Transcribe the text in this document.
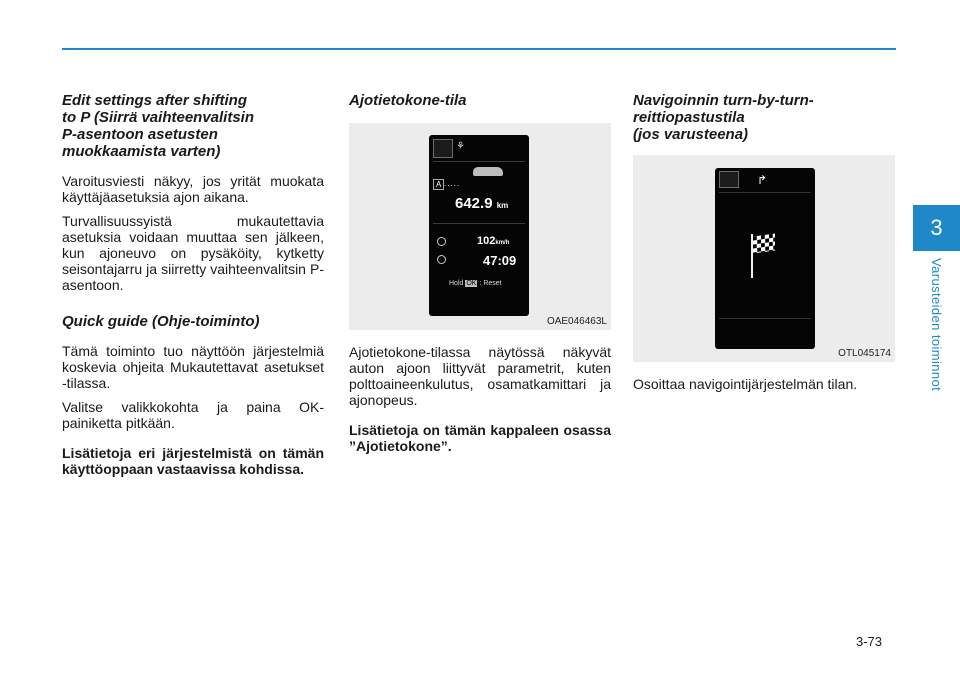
3
Varusteiden toiminnot
Edit settings after shifting
to P (Siirrä vaihteenvalitsin
P-asentoon asetusten
muokkaamista varten)

Varoitusviesti näkyy, jos yrität muokata käyttäjäasetuksia ajon aikana.

Turvallisuussyistä mukautettavia asetuksia voidaan muuttaa sen jälkeen, kun ajoneuvo on pysäköity, kytketty seisontajarru ja siirretty vaihteenvalitsin P-asentoon.

Quick guide (Ohje-toiminto)

Tämä toiminto tuo näyttöön järjestelmiä koskevia ohjeita Mukautettavat asetukset -tilassa.

Valitse valikkokohta ja paina OK-painiketta pitkään.

Lisätietoja eri järjestelmistä on tämän käyttöoppaan vastaavissa kohdissa.

Ajotietokone-tila
⚘
A .....
642.9 km
102km/h
47:09
Hold OK : Reset
OAE046463L

Ajotietokone-tilassa näytössä näkyvät auton ajoon liittyvät parametrit, kuten polttoaineenkulutus, osamatkamittari ja ajonopeus.

Lisätietoja on tämän kappaleen osassa ”Ajotietokone”.

Navigoinnin turn-by-turn-
reittiopastustila
(jos varusteena)
↱
OTL045174

Osoittaa navigointijärjestelmän tilan.

3-73
